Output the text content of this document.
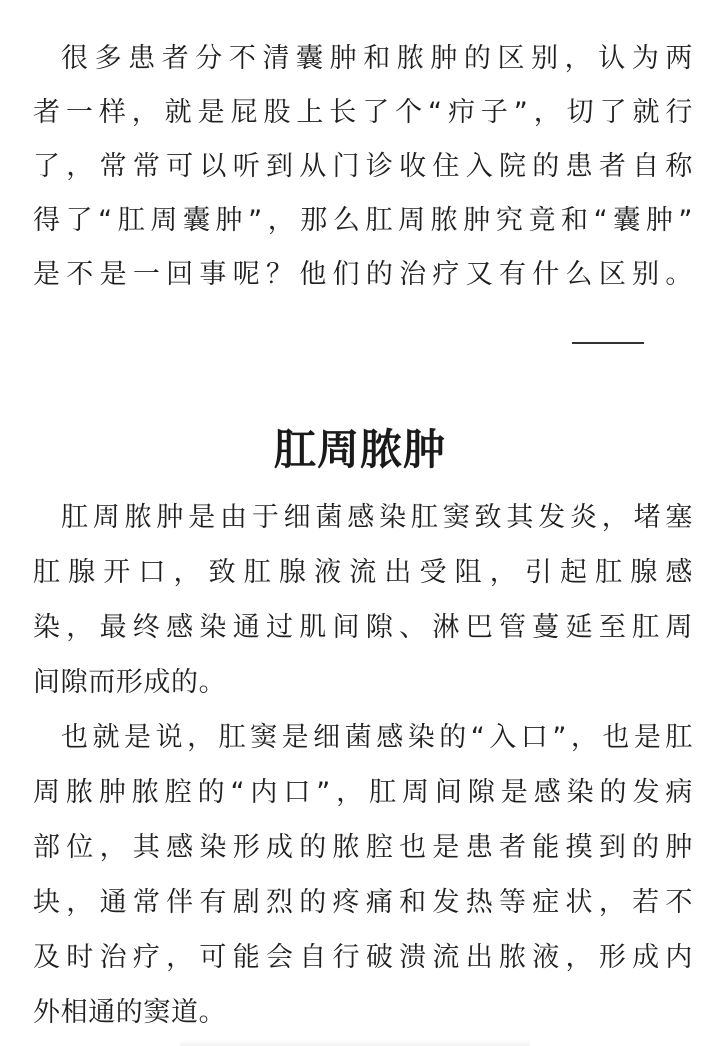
很多患者分不清囊肿和脓肿的区别，认为两
者一样，就是屁股上长了个“疖子”，切了就行
了，常常可以听到从门诊收住入院的患者自称
得了“肛周囊肿”，那么肛周脓肿究竟和“囊肿”
是不是一回事呢？他们的治疗又有什么区别。
肛周脓肿
肛周脓肿是由于细菌感染肛窦致其发炎，堵塞
肛腺开口，致肛腺液流出受阻，引起肛腺感
染，最终感染通过肌间隙、淋巴管蔓延至肛周
间隙而形成的。
也就是说，肛窦是细菌感染的“入口”，也是肛
周脓肿脓腔的“内口”，肛周间隙是感染的发病
部位，其感染形成的脓腔也是患者能摸到的肿
块，通常伴有剧烈的疼痛和发热等症状，若不
及时治疗，可能会自行破溃流出脓液，形成内
外相通的窦道。
